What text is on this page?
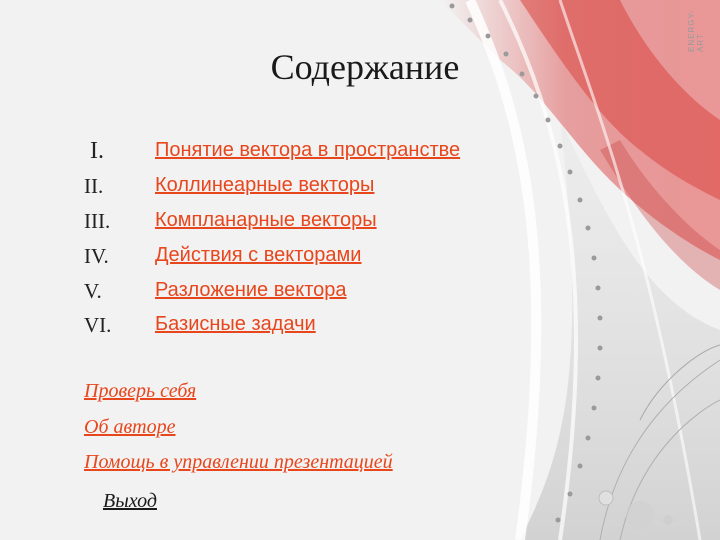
ENERGY-ART
Содержание
I.	Понятие вектора в пространстве
II.	Коллинеарные векторы
III.	Компланарные векторы
IV.	Действия с векторами
V.	Разложение вектора
VI.	Базисные задачи
Проверь себя
Об авторе
Помощь в управлении презентацией
Выход
